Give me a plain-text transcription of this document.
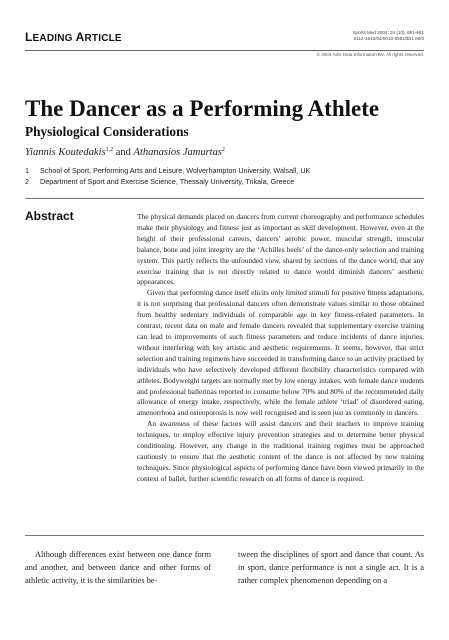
LEADING ARTICLE
Sports Med 2004; 34 (10): 651-661
0112-1642/04/0010-0651/$31.00/0
© 2004 Adis Data Information BV. All rights reserved.
The Dancer as a Performing Athlete
Physiological Considerations
Yiannis Koutedakis$^{1,2}$ and Athanasios Jamurtas$^2$
1 School of Sport, Performing Arts and Leisure, Wolverhampton University, Walsall, UK
2 Department of Sport and Exercise Science, Thessaly University, Trikala, Greece
Abstract	The physical demands placed on dancers from current choreography and performance schedules make their physiology and fitness just as important as skill development. However, even at the height of their professional careers, dancers’ aerobic power, muscular strength, muscular balance, bone and joint integrity are the ‘Achilles heels’ of the dance-only selection and training system. This partly reflects the unfounded view, shared by sections of the dance world, that any exercise training that is not directly related to dance would diminish dancers’ aesthetic appearances.

Given that performing dance itself elicits only limited stimuli for positive fitness adaptations, it is not surprising that professional dancers often demonstrate values similar to those obtained from healthy sedentary individuals of comparable age in key fitness-related parameters. In contrast, recent data on male and female dancers revealed that supplementary exercise training can lead to improvements of such fitness parameters and reduce incidents of dance injuries, without interfering with key artistic and aesthetic requirements. It seems, however, that strict selection and training regimens have succeeded in transforming dance to an activity practised by individuals who have selectively developed different flexibility characteristics compared with athletes. Bodyweight targets are normally met by low energy intakes, with female dance students and professional ballerinas reported to consume below 70% and 80% of the recommended daily allowance of energy intake, respectively, while the female athlete ‘triad’ of disordered eating, amenorrhoea and osteoporosis is now well recognised and is seen just as commonly in dancers.

An awareness of these factors will assist dancers and their teachers to improve training techniques, to employ effective injury prevention strategies and to determine better physical conditioning. However, any change in the traditional training regimes must be approached cautiously to ensure that the aesthetic content of the dance is not affected by new training techniques. Since physiological aspects of performing dance have been viewed primarily in the context of ballet, further scientific research on all forms of dance is required.

Although differences exist between one dance form and another, and between dance and other forms of athletic activity, it is the similarities be-
tween the disciplines of sport and dance that count. As in sport, dance performance is not a single act. It is a rather complex phenomenon depending on a
